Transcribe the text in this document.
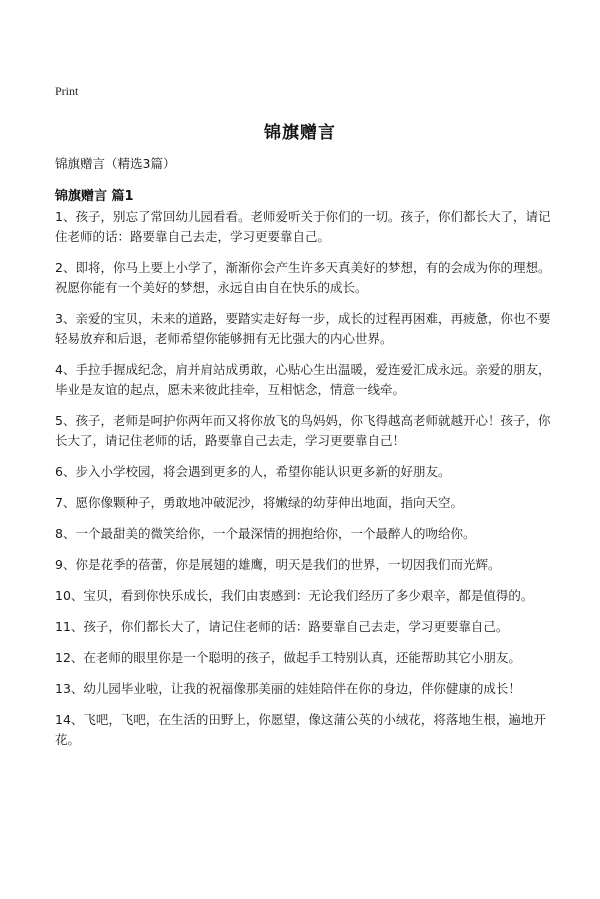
Print
锦旗赠言
锦旗赠言（精选3篇）
锦旗赠言 篇1
1、孩子，别忘了常回幼儿园看看。老师爱听关于你们的一切。孩子，你们都长大了，请记住老师的话：路要靠自己去走，学习更要靠自己。
2、即将，你马上要上小学了，渐渐你会产生许多天真美好的梦想，有的会成为你的理想。祝愿你能有一个美好的梦想，永远自由自在快乐的成长。
3、亲爱的宝贝，未来的道路，要踏实走好每一步，成长的过程再困难，再疲惫，你也不要轻易放弃和后退，老师希望你能够拥有无比强大的内心世界。
4、手拉手握成纪念，肩并肩站成勇敢，心贴心生出温暖，爱连爱汇成永远。亲爱的朋友，毕业是友谊的起点，愿未来彼此挂牵，互相惦念，情意一线牵。
5、孩子，老师是呵护你两年而又将你放飞的鸟妈妈，你飞得越高老师就越开心！孩子，你长大了，请记住老师的话，路要靠自己去走，学习更要靠自己！
6、步入小学校园，将会遇到更多的人，希望你能认识更多新的好朋友。
7、愿你像颗种子，勇敢地冲破泥沙，将嫩绿的幼芽伸出地面，指向天空。
8、一个最甜美的微笑给你，一个最深情的拥抱给你，一个最醉人的吻给你。
9、你是花季的蓓蕾，你是展翅的雄鹰，明天是我们的世界，一切因我们而光辉。
10、宝贝，看到你快乐成长，我们由衷感到：无论我们经历了多少艰辛，都是值得的。
11、孩子，你们都长大了，请记住老师的话：路要靠自己去走，学习更要靠自己。
12、在老师的眼里你是一个聪明的孩子，做起手工特别认真，还能帮助其它小朋友。
13、幼儿园毕业啦，让我的祝福像那美丽的娃娃陪伴在你的身边，伴你健康的成长！
14、飞吧，飞吧，在生活的田野上，你愿望，像这蒲公英的小绒花，将落地生根，遍地开花。
